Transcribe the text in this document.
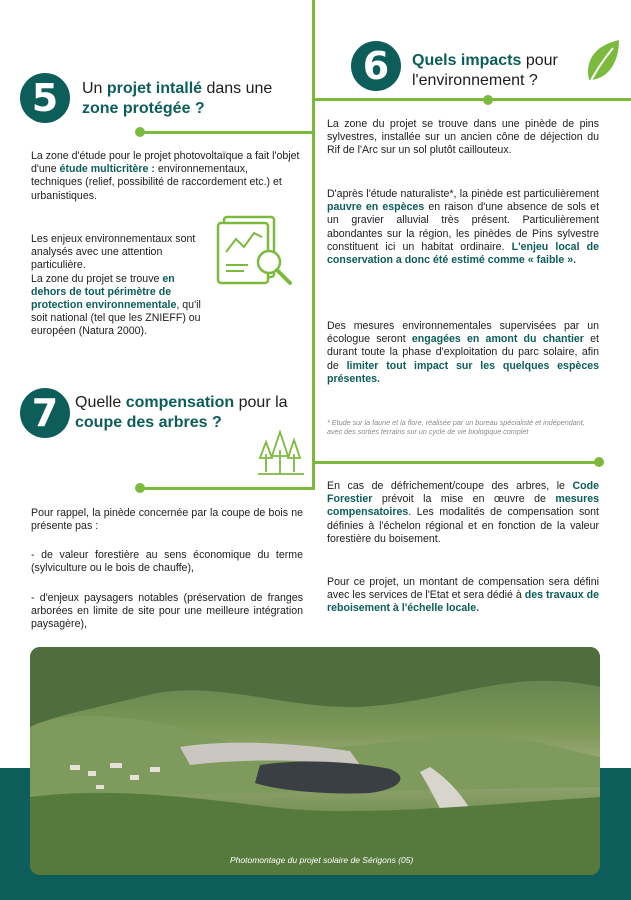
5	Un projet intallé dans une zone protégée ?

La zone d'étude pour le projet photovoltaïque a fait l'objet d'une étude multicritère : environnementaux, techniques (relief, possibilité de raccordement etc.) et urbanistiques.

Les enjeux environnementaux sont analysés avec une attention particulière.
La zone du projet se trouve en dehors de tout périmètre de protection environnementale, qu'il soit national (tel que les ZNIEFF) ou européen (Natura 2000).

6	Quels impacts pour l'environnement ?

La zone du projet se trouve dans une pinède de pins sylvestres, installée sur un ancien cône de déjection du Rif de l'Arc sur un sol plutôt caillouteux.

D'après l'étude naturaliste*, la pinède est particulièrement pauvre en espèces en raison d'une absence de sols et un gravier alluvial très présent. Particulièrement abondantes sur la région, les pinèdes de Pins sylvestre constituent ici un habitat ordinaire. L'enjeu local de conservation a donc été estimé comme « faible ».

Des mesures environnementales supervisées par un écologue seront engagées en amont du chantier et durant toute la phase d'exploitation du parc solaire, afin de limiter tout impact sur les quelques espèces présentes.

* Etude sur la faune et la flore, réalisée par un bureau spécialisté et indépendant, avec des sorties terrains sur un cycle de vie biologique complet
7	Quelle compensation pour la coupe des arbres ?

Pour rappel, la pinède concernée par la coupe de bois ne présente pas :

- de valeur forestière au sens économique du terme (sylviculture ou le bois de chauffe),

- d'enjeux paysagers notables (préservation de franges arborées en limite de site pour une meilleure intégration paysagère),

En cas de défrichement/coupe des arbres, le Code Forestier prévoit la mise en œuvre de mesures compensatoires. Les modalités de compensation sont définies à l'échelon régional et en fonction de la valeur forestière du boisement.

Pour ce projet, un montant de compensation sera défini avec les services de l'Etat et sera dédié à des travaux de reboisement à l'échelle locale.

Photomontage du projet solaire de Sérigons (05)
